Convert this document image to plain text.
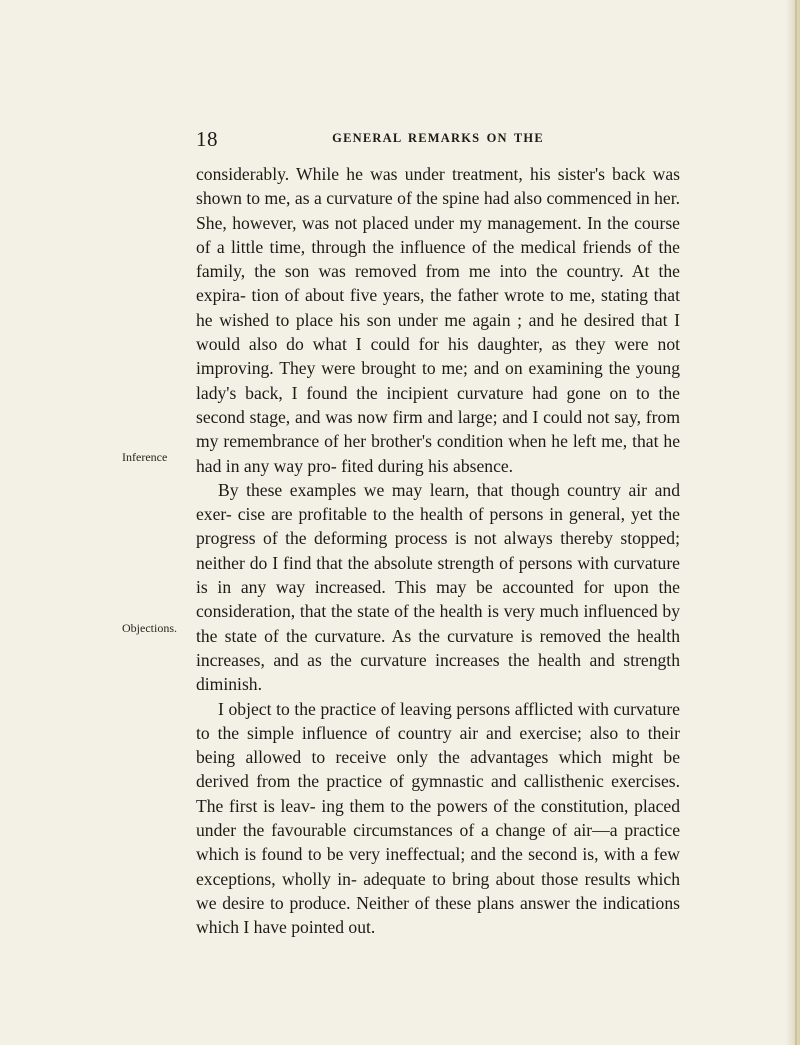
18	GENERAL REMARKS ON THE
Inference
Objections.

considerably. While he was under treatment, his sister's back was shown to me, as a curvature of the spine had also commenced in her. She, however, was not placed under my management. In the course of a little time, through the influence of the medical friends of the family, the son was removed from me into the country. At the expira- tion of about five years, the father wrote to me, stating that he wished to place his son under me again ; and he desired that I would also do what I could for his daughter, as they were not improving. They were brought to me; and on examining the young lady's back, I found the incipient curvature had gone on to the second stage, and was now firm and large; and I could not say, from my remembrance of her brother's condition when he left me, that he had in any way pro- fited during his absence.

By these examples we may learn, that though country air and exer- cise are profitable to the health of persons in general, yet the progress of the deforming process is not always thereby stopped; neither do I find that the absolute strength of persons with curvature is in any way increased. This may be accounted for upon the consideration, that the state of the health is very much influenced by the state of the curvature. As the curvature is removed the health increases, and as the curvature increases the health and strength diminish.

I object to the practice of leaving persons afflicted with curvature to the simple influence of country air and exercise; also to their being allowed to receive only the advantages which might be derived from the practice of gymnastic and callisthenic exercises. The first is leav- ing them to the powers of the constitution, placed under the favourable circumstances of a change of air—a practice which is found to be very ineffectual; and the second is, with a few exceptions, wholly in- adequate to bring about those results which we desire to produce. Neither of these plans answer the indications which I have pointed out.
